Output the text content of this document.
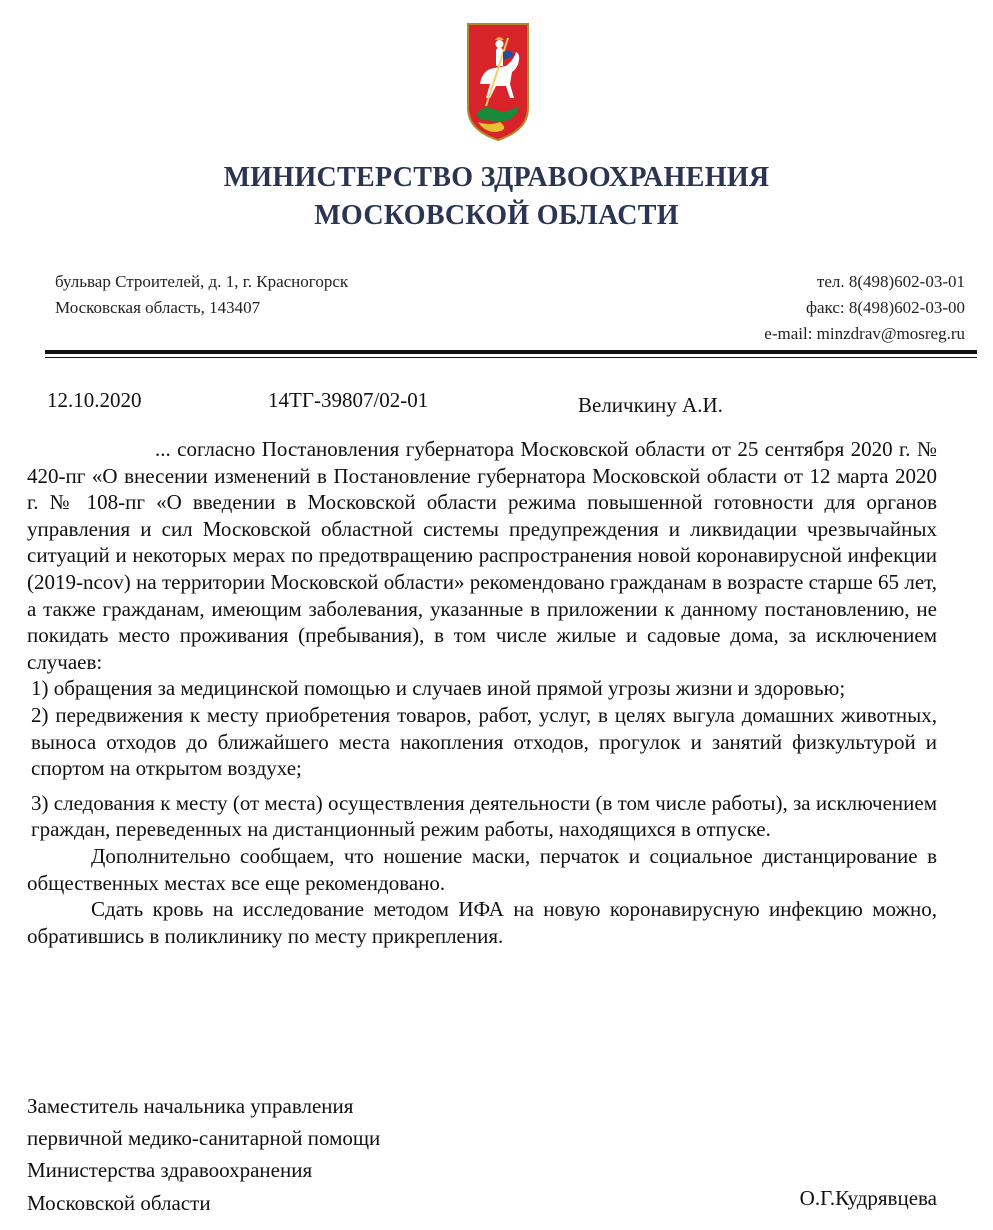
МИНИСТЕРСТВО ЗДРАВООХРАНЕНИЯ
МОСКОВСКОЙ ОБЛАСТИ
бульвар Строителей, д. 1, г. Красногорск
Московская область, 143407
тел. 8(498)602-03-01
факс: 8(498)602-03-00
e-mail: minzdrav@mosreg.ru
12.10.2020	14ТГ-39807/02-01	Величкину А.И.

... согласно Постановления губернатора Московской области от 25 сентября 2020 г. № 420-пг «О внесении изменений в Постановление губернатора Московской области от 12 марта 2020 г. № 108-пг «О введении в Московской области режима повышенной готовности для органов управления и сил Московской областной системы предупреждения и ликвидации чрезвычайных ситуаций и некоторых мерах по предотвращению распространения новой коронавирусной инфекции (2019-ncov) на территории Московской области» рекомендовано гражданам в возрасте старше 65 лет, а также гражданам, имеющим заболевания, указанные в приложении к данному постановлению, не покидать место проживания (пребывания), в том числе жилые и садовые дома, за исключением случаев:

1) обращения за медицинской помощью и случаев иной прямой угрозы жизни и здоровью;

2) передвижения к месту приобретения товаров, работ, услуг, в целях выгула домашних животных, выноса отходов до ближайшего места накопления отходов, прогулок и занятий физкультурой и спортом на открытом воздухе;

3) следования к месту (от места) осуществления деятельности (в том числе работы), за исключением граждан, переведенных на дистанционный режим работы, находящихся в отпуске.

Дополнительно сообщаем, что ношение маски, перчаток и социальное дистанцирование в общественных местах все еще рекомендовано.

Сдать кровь на исследование методом ИФА на новую коронавирусную инфекцию можно, обратившись в поликлинику по месту прикрепления.

Заместитель начальника управления
первичной медико-санитарной помощи
Министерства здравоохранения
Московской области	О.Г.Кудрявцева
